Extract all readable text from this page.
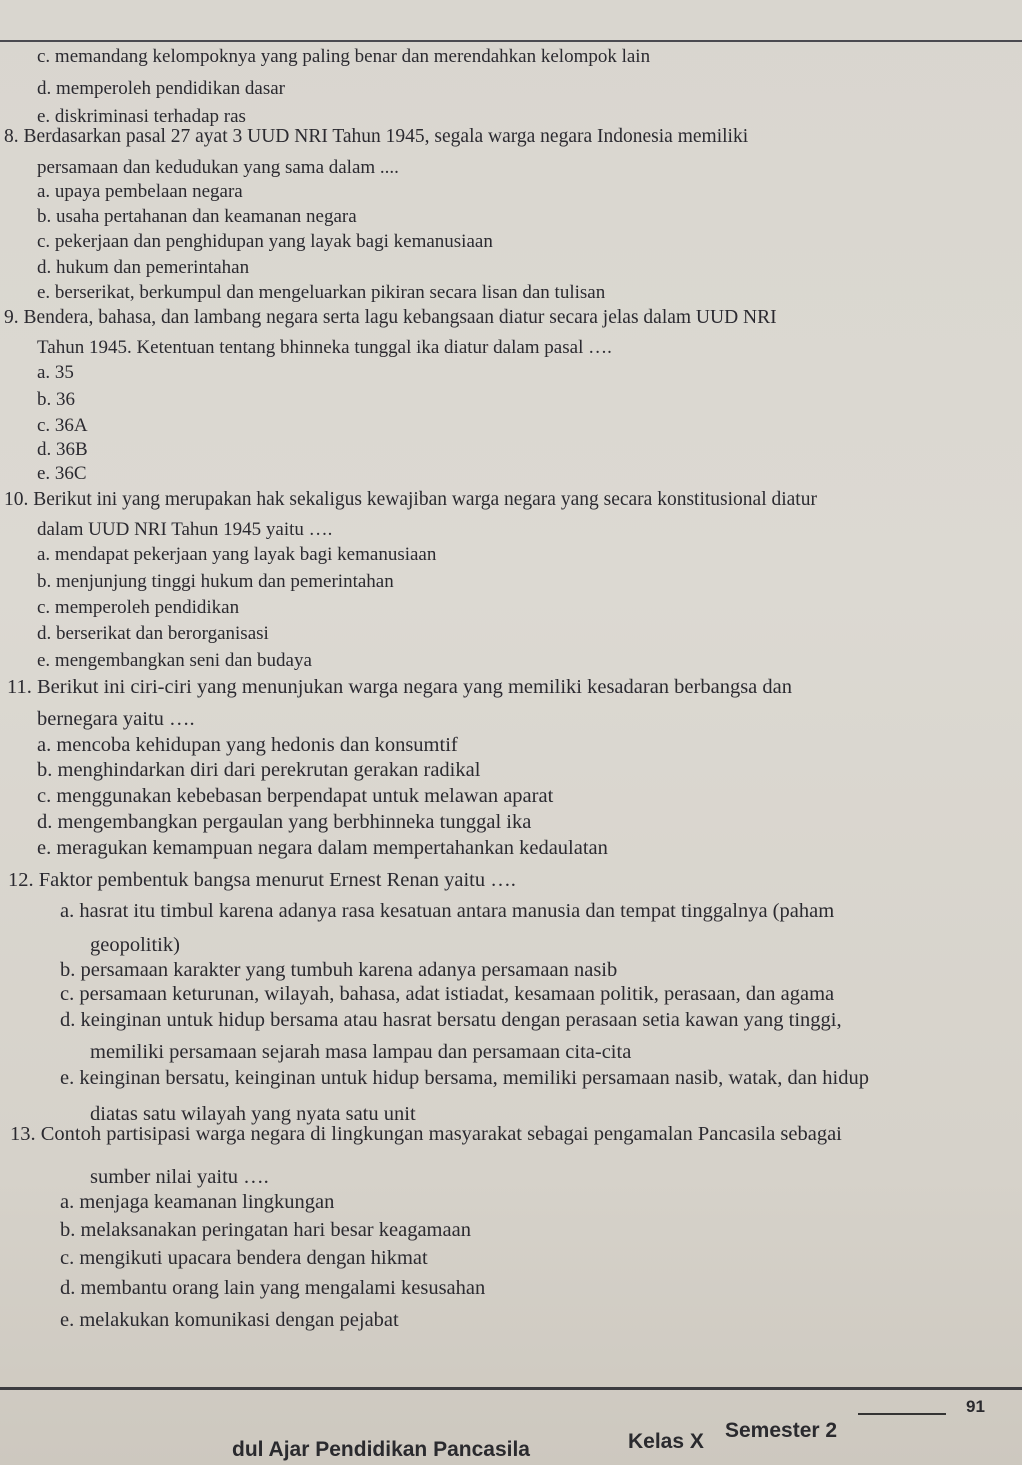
c. memandang kelompoknya yang paling benar dan merendahkan kelompok lain
d. memperoleh pendidikan dasar
e. diskriminasi terhadap ras
8. Berdasarkan pasal 27 ayat 3 UUD NRI Tahun 1945, segala warga negara Indonesia memiliki
persamaan dan kedudukan yang sama dalam ....
a. upaya pembelaan negara
b. usaha pertahanan dan keamanan negara
c. pekerjaan dan penghidupan yang layak bagi kemanusiaan
d. hukum dan pemerintahan
e. berserikat, berkumpul dan mengeluarkan pikiran secara lisan dan tulisan
9. Bendera, bahasa, dan lambang negara serta lagu kebangsaan diatur secara jelas dalam UUD NRI
Tahun 1945. Ketentuan tentang bhinneka tunggal ika diatur dalam pasal ….
a. 35
b. 36
c. 36A
d. 36B
e. 36C
10. Berikut ini yang merupakan hak sekaligus kewajiban warga negara yang secara konstitusional diatur
dalam UUD NRI Tahun 1945 yaitu ….
a. mendapat pekerjaan yang layak bagi kemanusiaan
b. menjunjung tinggi hukum dan pemerintahan
c. memperoleh pendidikan
d. berserikat dan berorganisasi
e. mengembangkan seni dan budaya
11. Berikut ini ciri-ciri yang menunjukan warga negara yang memiliki kesadaran berbangsa dan
bernegara yaitu ….
a. mencoba kehidupan yang hedonis dan konsumtif
b. menghindarkan diri dari perekrutan gerakan radikal
c. menggunakan kebebasan berpendapat untuk melawan aparat
d. mengembangkan pergaulan yang berbhinneka tunggal ika
e. meragukan kemampuan negara dalam mempertahankan kedaulatan
12. Faktor pembentuk bangsa menurut Ernest Renan yaitu ….
a. hasrat itu timbul karena adanya rasa kesatuan antara manusia dan tempat tinggalnya (paham
geopolitik)
b. persamaan karakter yang tumbuh karena adanya persamaan nasib
c. persamaan keturunan, wilayah, bahasa, adat istiadat, kesamaan politik, perasaan, dan agama
d. keinginan untuk hidup bersama atau hasrat bersatu dengan perasaan setia kawan yang tinggi,
memiliki persamaan sejarah masa lampau dan persamaan cita-cita
e. keinginan bersatu, keinginan untuk hidup bersama, memiliki persamaan nasib, watak, dan hidup
diatas satu wilayah yang nyata satu unit
13. Contoh partisipasi warga negara di lingkungan masyarakat sebagai pengamalan Pancasila sebagai
sumber nilai yaitu ….
a. menjaga keamanan lingkungan
b. melaksanakan peringatan hari besar keagamaan
c. mengikuti upacara bendera dengan hikmat
d. membantu orang lain yang mengalami kesusahan
e. melakukan komunikasi dengan pejabat
dul Ajar Pendidikan Pancasila	Kelas X Semester 2
91
